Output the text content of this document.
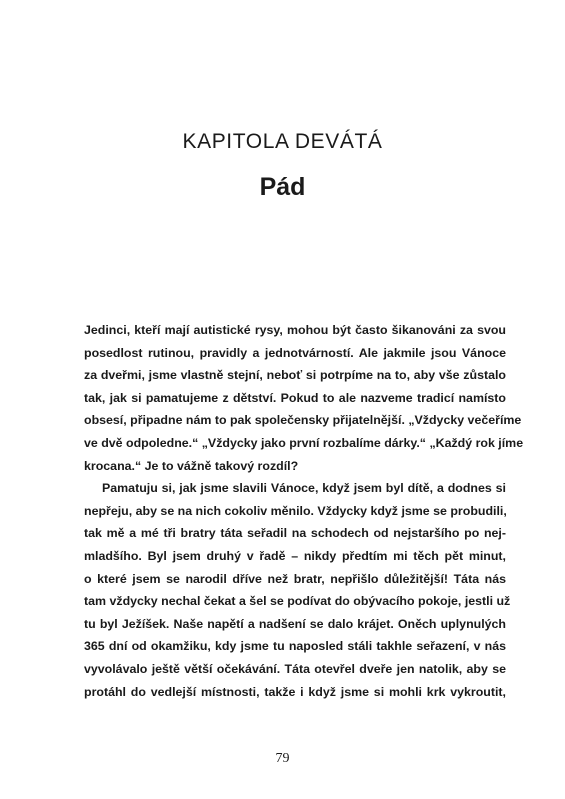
KAPITOLA DEVÁTÁ
Pád
Jedinci, kteří mají autistické rysy, mohou být často šikanováni za svou
posedlost rutinou, pravidly a jednotvárností. Ale jakmile jsou Vánoce
za dveřmi, jsme vlastně stejní, neboť si potrpíme na to, aby vše zůstalo
tak, jak si pamatujeme z dětství. Pokud to ale nazveme tradicí namísto
obsesí, připadne nám to pak společensky přijatelnější. „Vždycky večeříme
ve dvě odpoledne.“ „Vždycky jako první rozbalíme dárky.“ „Každý rok jíme
krocana.“ Je to vážně takový rozdíl?
Pamatuju si, jak jsme slavili Vánoce, když jsem byl dítě, a dodnes si
nepřeju, aby se na nich cokoliv měnilo. Vždycky když jsme se probudili,
tak mě a mé tři bratry táta seřadil na schodech od nejstaršího po nej-
mladšího. Byl jsem druhý v řadě – nikdy předtím mi těch pět minut,
o které jsem se narodil dříve než bratr, nepřišlo důležitější! Táta nás
tam vždycky nechal čekat a šel se podívat do obývacího pokoje, jestli už
tu byl Ježíšek. Naše napětí a nadšení se dalo krájet. Oněch uplynulých
365 dní od okamžiku, kdy jsme tu naposled stáli takhle seřazení, v nás
vyvolávalo ještě větší očekávání. Táta otevřel dveře jen natolik, aby se
protáhl do vedlejší místnosti, takže i když jsme si mohli krk vykroutit,
79
